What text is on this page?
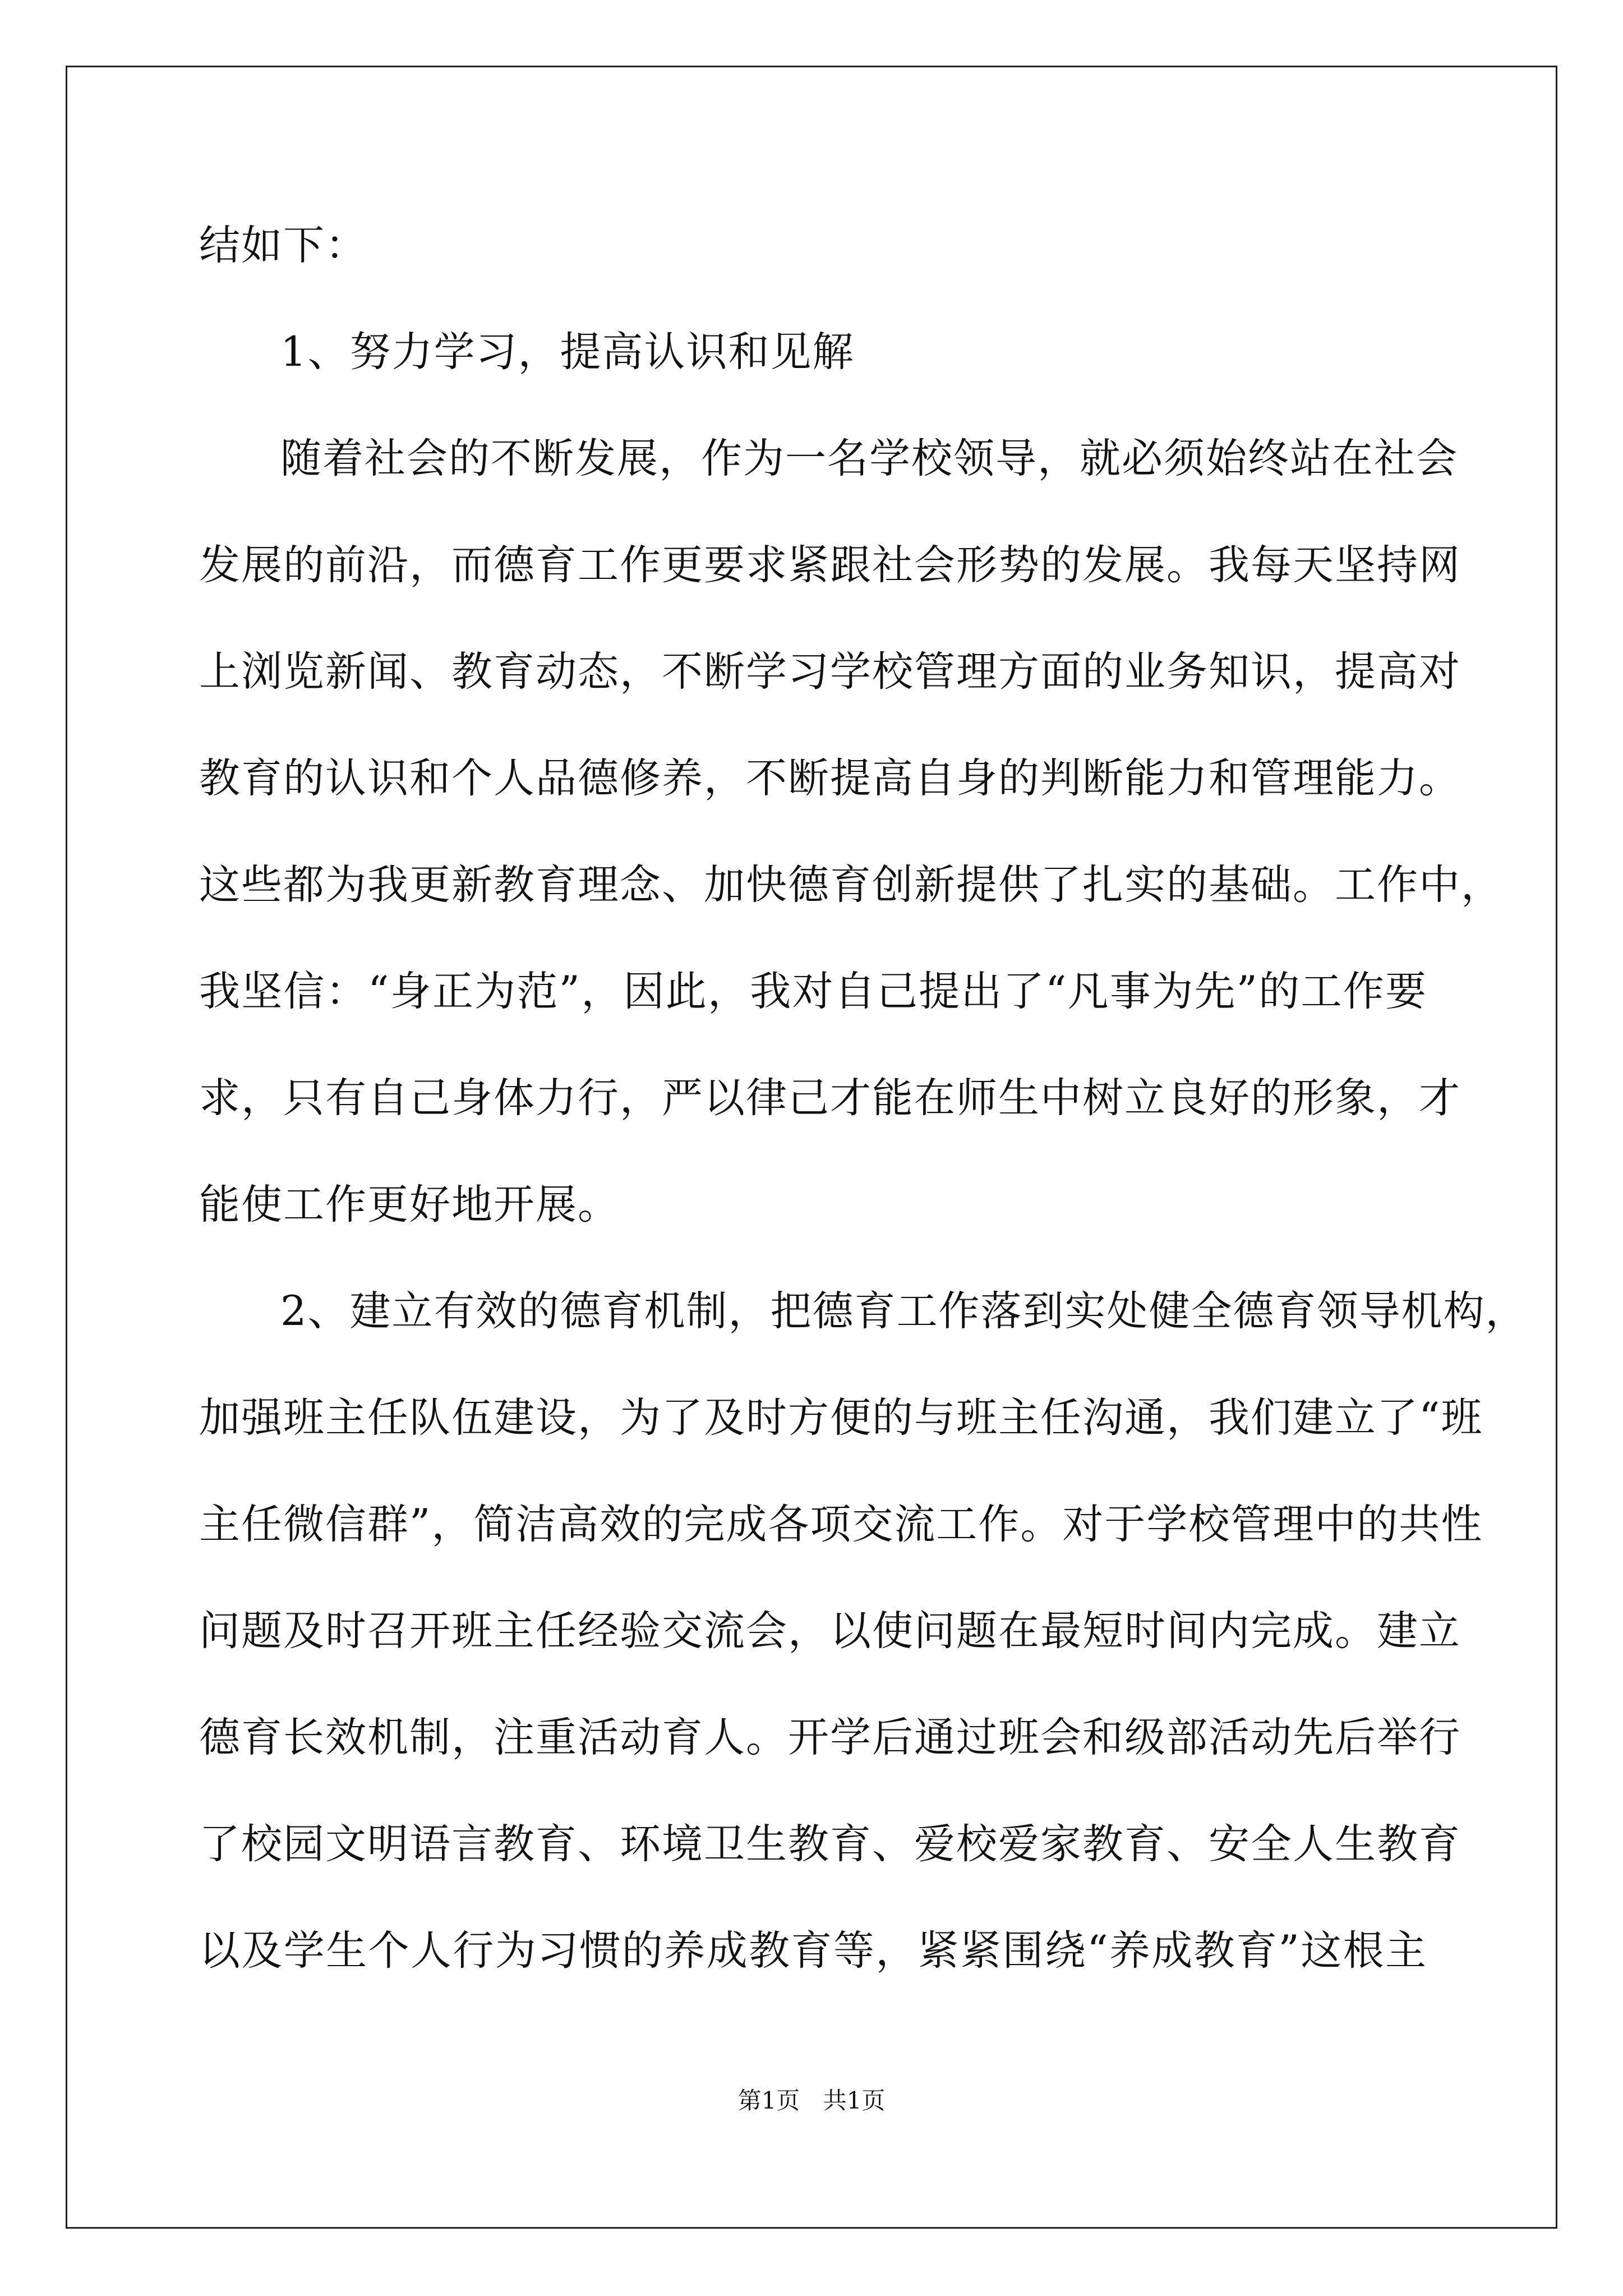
结如下：
1、努力学习，提高认识和见解
随着社会的不断发展，作为一名学校领导，就必须始终站在社会
发展的前沿，而德育工作更要求紧跟社会形势的发展。我每天坚持网
上浏览新闻、教育动态，不断学习学校管理方面的业务知识，提高对
教育的认识和个人品德修养，不断提高自身的判断能力和管理能力。
这些都为我更新教育理念、加快德育创新提供了扎实的基础。工作中，
我坚信：“身正为范”，因此，我对自己提出了“凡事为先”的工作要
求，只有自己身体力行，严以律己才能在师生中树立良好的形象，才
能使工作更好地开展。
2、建立有效的德育机制，把德育工作落到实处健全德育领导机构，
加强班主任队伍建设，为了及时方便的与班主任沟通，我们建立了“班
主任微信群”，简洁高效的完成各项交流工作。对于学校管理中的共性
问题及时召开班主任经验交流会，以使问题在最短时间内完成。建立
德育长效机制，注重活动育人。开学后通过班会和级部活动先后举行
了校园文明语言教育、环境卫生教育、爱校爱家教育、安全人生教育
以及学生个人行为习惯的养成教育等，紧紧围绕“养成教育”这根主
第1页 共1页
